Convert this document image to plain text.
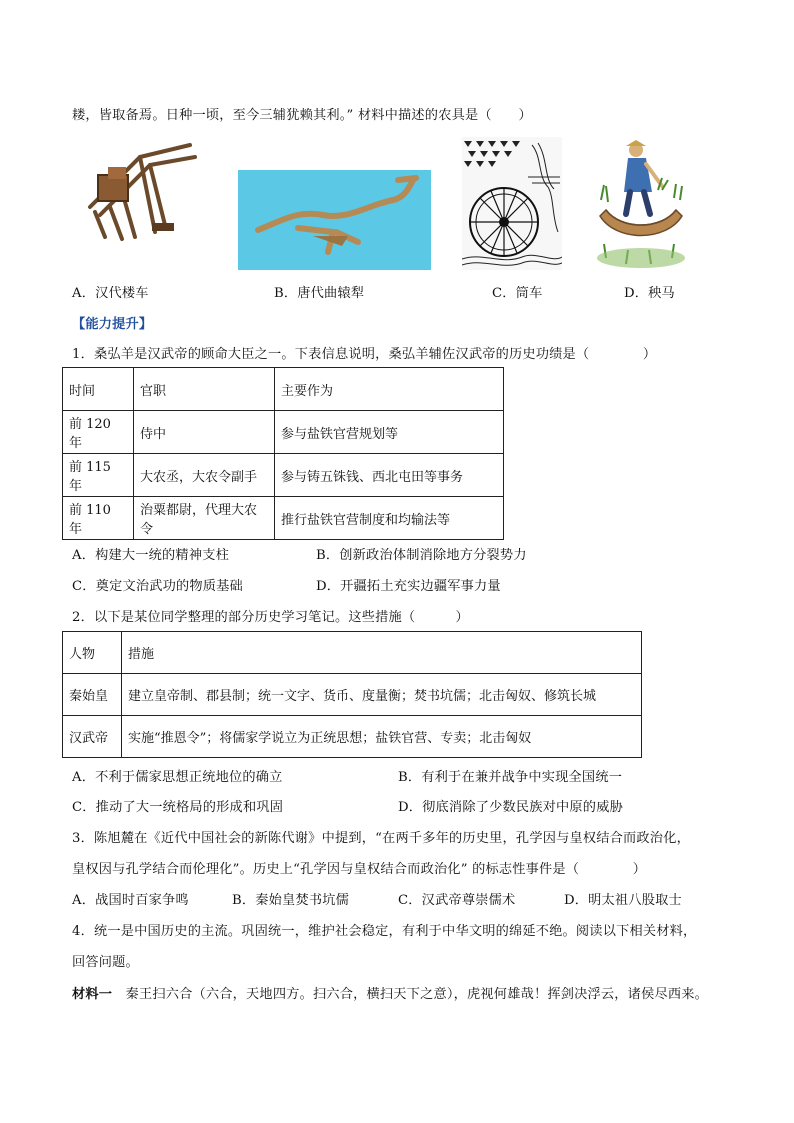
耧，皆取备焉。日种一顷，至今三辅犹赖其利。” 材料中描述的农具是（　　）
A．汉代楼车	B．唐代曲辕犁	C．筒车	D．秧马
【能力提升】
1．桑弘羊是汉武帝的顾命大臣之一。下表信息说明，桑弘羊辅佐汉武帝的历史功绩是（　　　　）
时间	官职	主要作为
前 120 年	侍中	参与盐铁官营规划等
前 115 年	大农丞，大农令副手	参与铸五铢钱、西北屯田等事务
前 110 年	治粟都尉，代理大农令	推行盐铁官营制度和均输法等
A．构建大一统的精神支柱	B．创新政治体制消除地方分裂势力
C．奠定文治武功的物质基础	D．开疆拓土充实边疆军事力量
2．以下是某位同学整理的部分历史学习笔记。这些措施（　　　）
人物	措施
秦始皇	建立皇帝制、郡县制；统一文字、货币、度量衡；焚书坑儒；北击匈奴、修筑长城
汉武帝	实施“推恩令”；将儒家学说立为正统思想；盐铁官营、专卖；北击匈奴
A．不利于儒家思想正统地位的确立	B．有利于在兼并战争中实现全国统一
C．推动了大一统格局的形成和巩固	D．彻底消除了少数民族对中原的威胁
3．陈旭麓在《近代中国社会的新陈代谢》中提到，“在两千多年的历史里，孔学因与皇权结合而政治化，
皇权因与孔学结合而伦理化”。历史上“孔学因与皇权结合而政治化” 的标志性事件是（　　　　）
A．战国时百家争鸣	B．秦始皇焚书坑儒	C．汉武帝尊崇儒术	D．明太祖八股取士
4．统一是中国历史的主流。巩固统一，维护社会稳定，有利于中华文明的绵延不绝。阅读以下相关材料，
回答问题。
材料一　秦王扫六合（六合，天地四方。扫六合，横扫天下之意），虎视何雄哉！挥剑决浮云，诸侯尽西来。
